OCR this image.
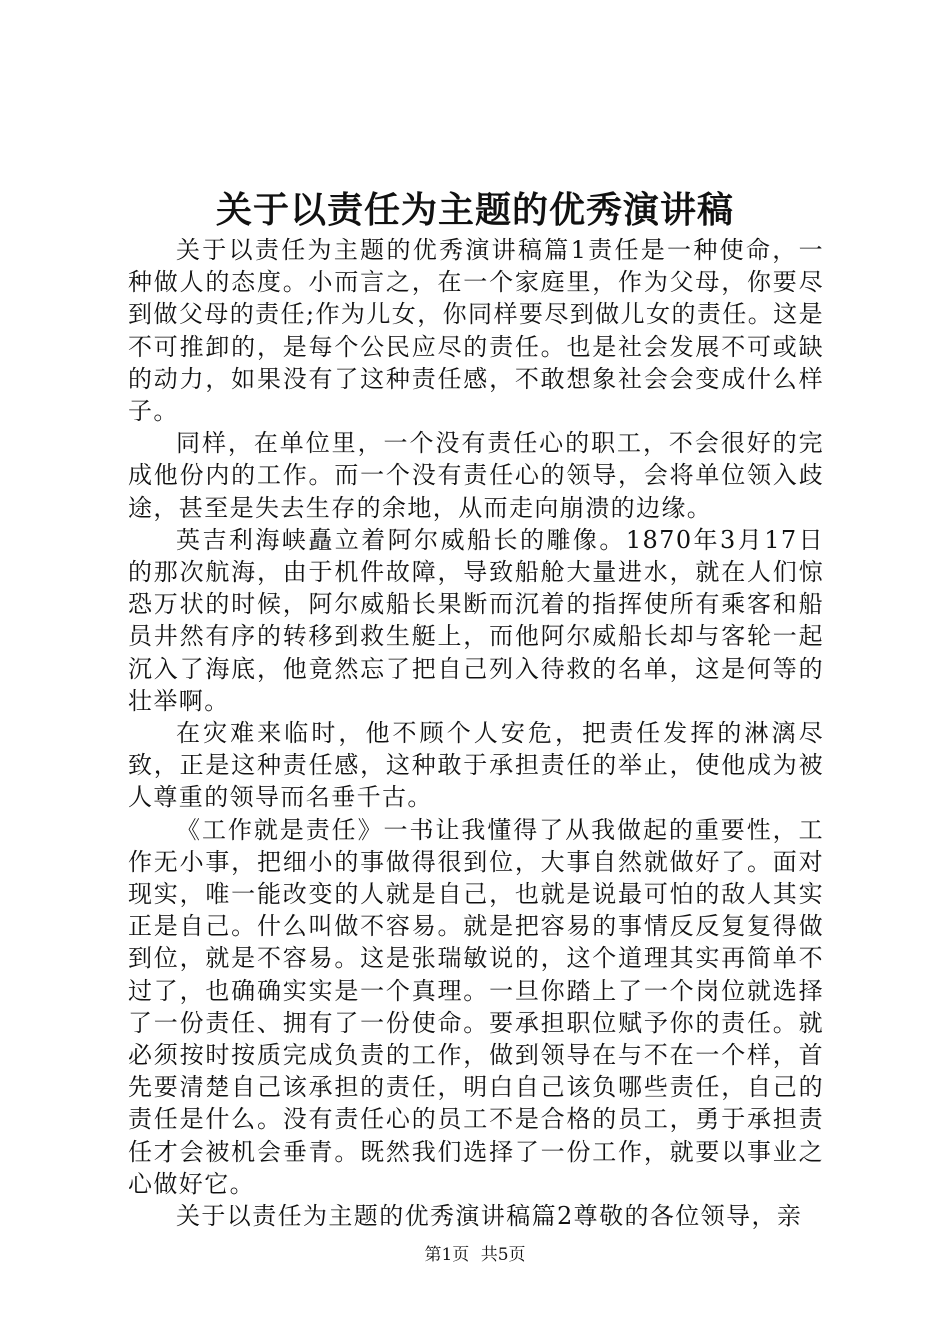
关于以责任为主题的优秀演讲稿

关于以责任为主题的优秀演讲稿篇1责任是一种使命，一种做人的态度。小而言之，在一个家庭里，作为父母，你要尽到做父母的责任;作为儿女，你同样要尽到做儿女的责任。这是不可推卸的，是每个公民应尽的责任。也是社会发展不可或缺的动力，如果没有了这种责任感，不敢想象社会会变成什么样子。

同样，在单位里，一个没有责任心的职工，不会很好的完成他份内的工作。而一个没有责任心的领导，会将单位领入歧途，甚至是失去生存的余地，从而走向崩溃的边缘。

英吉利海峡矗立着阿尔威船长的雕像。1870年3月17日的那次航海，由于机件故障，导致船舱大量进水，就在人们惊恐万状的时候，阿尔威船长果断而沉着的指挥使所有乘客和船员井然有序的转移到救生艇上，而他阿尔威船长却与客轮一起沉入了海底，他竟然忘了把自己列入待救的名单，这是何等的壮举啊。

在灾难来临时，他不顾个人安危，把责任发挥的淋漓尽致，正是这种责任感，这种敢于承担责任的举止，使他成为被人尊重的领导而名垂千古。

《工作就是责任》一书让我懂得了从我做起的重要性，工作无小事，把细小的事做得很到位，大事自然就做好了。面对现实，唯一能改变的人就是自己，也就是说最可怕的敌人其实正是自己。什么叫做不容易。就是把容易的事情反反复复得做到位，就是不容易。这是张瑞敏说的，这个道理其实再简单不过了，也确确实实是一个真理。一旦你踏上了一个岗位就选择了一份责任、拥有了一份使命。要承担职位赋予你的责任。就必须按时按质完成负责的工作，做到领导在与不在一个样，首先要清楚自己该承担的责任，明白自己该负哪些责任，自己的责任是什么。没有责任心的员工不是合格的员工，勇于承担责任才会被机会垂青。既然我们选择了一份工作，就要以事业之心做好它。

关于以责任为主题的优秀演讲稿篇2尊敬的各位领导，亲

第1页 共5页
